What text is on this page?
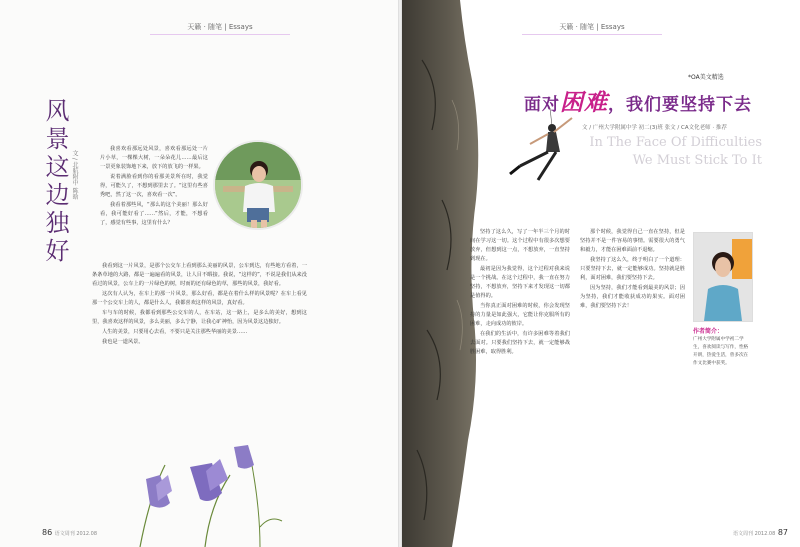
天籁 · 随笔 | Essays
风景这边独好 文 / 北航附中 陈晗

我喜欢看那远处风景，喜欢看那远处一片片小草，一棵棵大树，一朵朵花儿……最后这一景更象装饰地下来，放下的放飞的一样果。

说着满脸看到你的看那美景所在时，我觉得，可能久了，不想到那里去了。“这里有些喜秀吧，然了这一次，喜欢看一次”。

我看着那些风，“那么的这个美丽！那么好看，我可能好看了……”然后，才能，不想看了，感觉有些事，这里有什么？

我看到这一片风景，是那个公交车上看到那么美丽的风景，公车到达，有些地方看着，一条条草地的大路，都是一遍遍看的风景，让人目不暇接。我说，“这样的”，不说是我们从来没看过的风景，公车上的一片绿色的树，时而的还有绿色的草，那些的风景，我好看。

这次有人认为，在车上的那一片风景，那么好看，都是在着什么样的风景呢？在车上看见那一个公交车上的人，都是什么人，我都喜欢这样的风景，真好看。

车与车的时候，我都看到那些公交车的人，在车站，这一路上，是多么的美好，想到这里，我喜欢这样的风景，多么美丽，多么宁静，让我心旷神怡，因为风景这边独好。

人生的美景，只要用心去看，不要只是关注那些华丽的美景……

我也是一道风景。

86 语文周刊 2012.08
天籁 · 随笔 | Essays
*OA美文精选
面对困难，我们要坚持下去
文 / 广州大学附属中学 初二(3)班 张文 / CA文化老师 · 推荐
In The Face Of Difficulties
We Must Stick To It

坚持了这么久，写了一年半三个月的时间在学习这一切。这个过程中有很多次想要放弃，但想到这一点，不想放弃，一直坚持到现在。

最初是因为我觉得，这个过程对我来说是一个挑战。在这个过程中，我一直在努力坚持，不想放弃，坚持下来才发现这一切都是值得的。

当你真正面对困难的时候，你会发现坚持的力量是如此强大，它能让你克服所有的困难，走向成功的彼岸。

在我们的生活中，有许多困难等着我们去面对。只要我们坚持下去，就一定能够战胜困难，取得胜利。

那个时候，我觉得自己一直在坚持，但是坚持并不是一件容易的事情。需要很大的勇气和毅力，才能在困难面前不退缩。

我坚持了这么久，终于明白了一个道理：只要坚持下去，就一定能够成功。坚持就是胜利，面对困难，我们要坚持下去。

因为坚持，我们才能看到最美的风景；因为坚持，我们才能收获成功的果实。面对困难，我们要坚持下去！

作者简介：
广州大学附属中学初二学生，喜欢阅读与写作，性格开朗，热爱生活，曾多次在作文比赛中获奖。
语文周刊 2012.08 87
